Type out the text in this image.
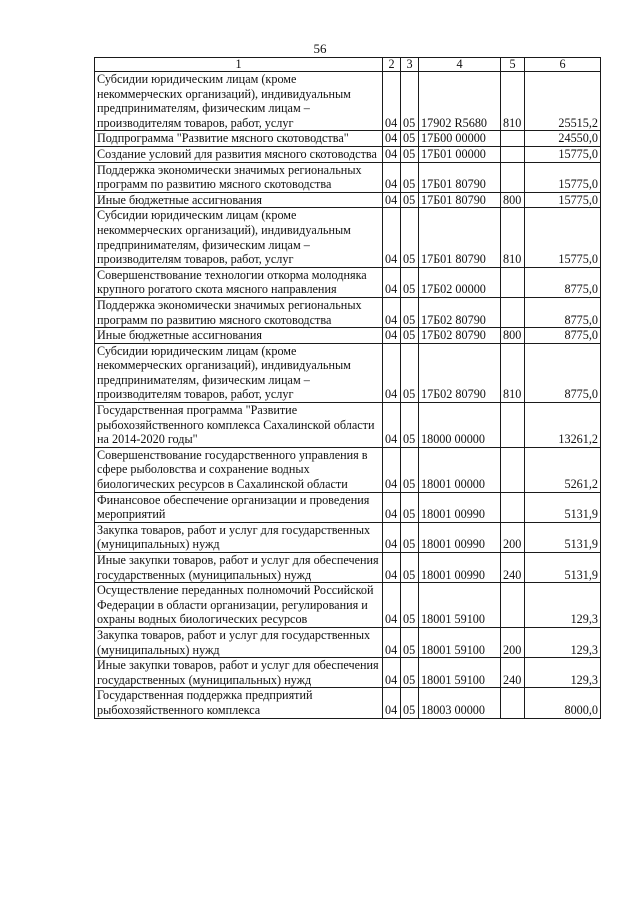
56
1	2	3	4	5	6
Субсидии юридическим лицам (кроме некоммерческих организаций), индивидуальным предпринимателям, физическим лицам – производителям товаров, работ, услуг	04	05	17902 R5680	810	25515,2
Подпрограмма "Развитие мясного скотоводства"	04	05	17Б00 00000		24550,0
Создание условий для развития мясного скотоводства	04	05	17Б01 00000		15775,0
Поддержка экономически значимых региональных программ по развитию мясного скотоводства	04	05	17Б01 80790		15775,0
Иные бюджетные ассигнования	04	05	17Б01 80790	800	15775,0
Субсидии юридическим лицам (кроме некоммерческих организаций), индивидуальным предпринимателям, физическим лицам – производителям товаров, работ, услуг	04	05	17Б01 80790	810	15775,0
Совершенствование технологии откорма молодняка крупного рогатого скота мясного направления	04	05	17Б02 00000		8775,0
Поддержка экономически значимых региональных программ по развитию мясного скотоводства	04	05	17Б02 80790		8775,0
Иные бюджетные ассигнования	04	05	17Б02 80790	800	8775,0
Субсидии юридическим лицам (кроме некоммерческих организаций), индивидуальным предпринимателям, физическим лицам – производителям товаров, работ, услуг	04	05	17Б02 80790	810	8775,0
Государственная программа "Развитие рыбохозяйственного комплекса Сахалинской области на 2014-2020 годы"	04	05	18000 00000		13261,2
Совершенствование государственного управления в сфере рыболовства и сохранение водных биологических ресурсов в Сахалинской области	04	05	18001 00000		5261,2
Финансовое обеспечение организации и проведения мероприятий	04	05	18001 00990		5131,9
Закупка товаров, работ и услуг для государственных (муниципальных) нужд	04	05	18001 00990	200	5131,9
Иные закупки товаров, работ и услуг для обеспечения государственных (муниципальных) нужд	04	05	18001 00990	240	5131,9
Осуществление переданных полномочий Российской Федерации в области организации, регулирования и охраны водных биологических ресурсов	04	05	18001 59100		129,3
Закупка товаров, работ и услуг для государственных (муниципальных) нужд	04	05	18001 59100	200	129,3
Иные закупки товаров, работ и услуг для обеспечения государственных (муниципальных) нужд	04	05	18001 59100	240	129,3
Государственная поддержка предприятий рыбохозяйственного комплекса	04	05	18003 00000		8000,0
